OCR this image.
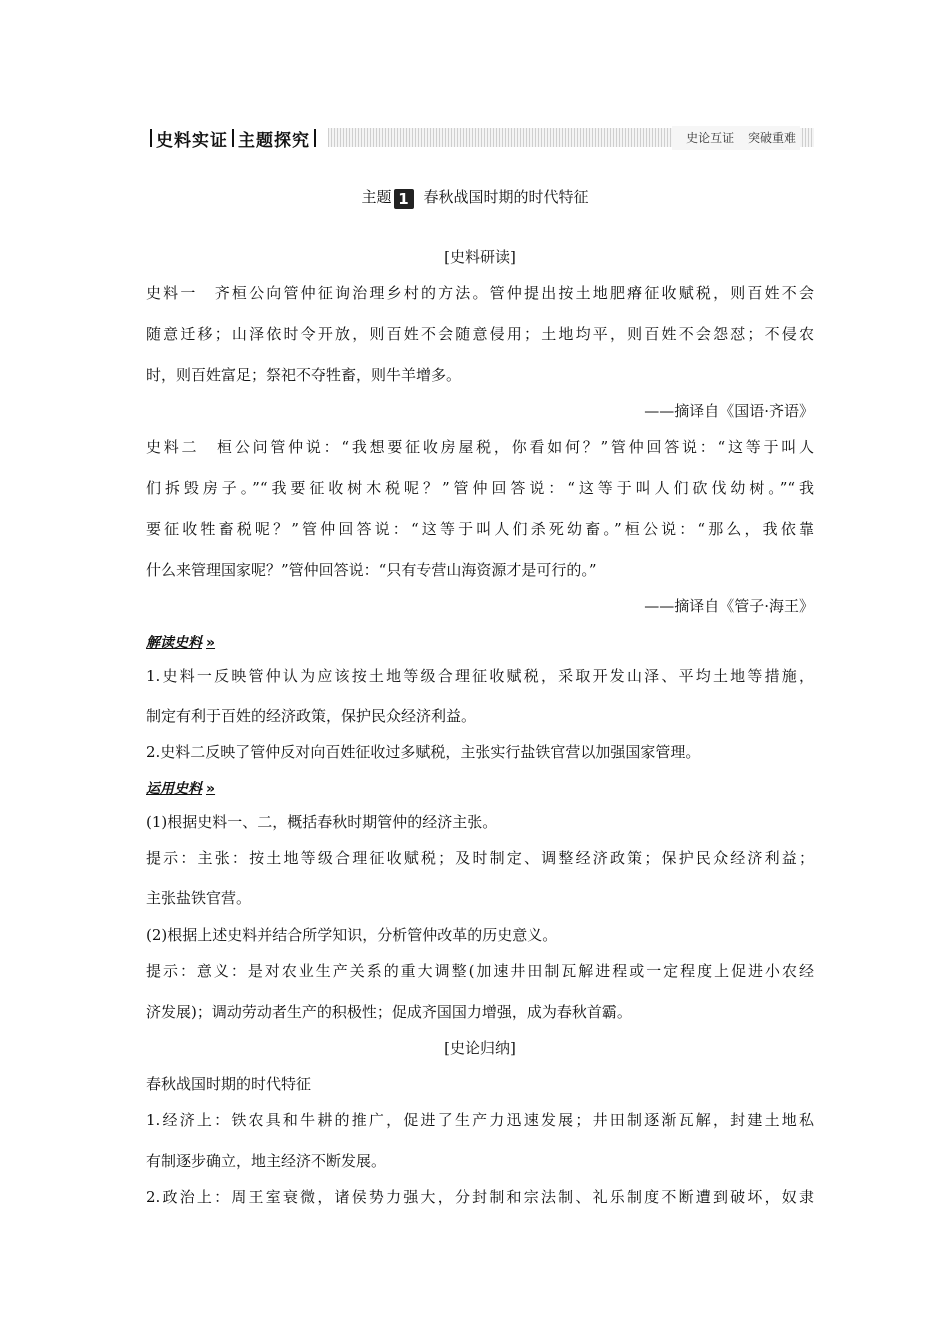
史料实证 主题探究	史论互证 突破重难
主题 1 春秋战国时期的时代特征
[史料研读]
史料一　齐桓公向管仲征询治理乡村的方法。管仲提出按土地肥瘠征收赋税，则百姓不会
随意迁移；山泽依时令开放，则百姓不会随意侵用；土地均平，则百姓不会怨怼；不侵农
时，则百姓富足；祭祀不夺牲畜，则牛羊增多。
——摘译自《国语·齐语》
史料二　桓公问管仲说：“我想要征收房屋税，你看如何？”管仲回答说：“这等于叫人
们拆毁房子。”“我要征收树木税呢？”管仲回答说：“这等于叫人们砍伐幼树。”“我
要征收牲畜税呢？”管仲回答说：“这等于叫人们杀死幼畜。”桓公说：“那么，我依靠
什么来管理国家呢？”管仲回答说：“只有专营山海资源才是可行的。”
——摘译自《管子·海王》
解读史料 »
1.史料一反映管仲认为应该按土地等级合理征收赋税，采取开发山泽、平均土地等措施，
制定有利于百姓的经济政策，保护民众经济利益。
2.史料二反映了管仲反对向百姓征收过多赋税，主张实行盐铁官营以加强国家管理。
运用史料 »
(1)根据史料一、二，概括春秋时期管仲的经济主张。
提示：主张：按土地等级合理征收赋税；及时制定、调整经济政策；保护民众经济利益；
主张盐铁官营。
(2)根据上述史料并结合所学知识，分析管仲改革的历史意义。
提示：意义：是对农业生产关系的重大调整(加速井田制瓦解进程或一定程度上促进小农经
济发展)；调动劳动者生产的积极性；促成齐国国力增强，成为春秋首霸。
[史论归纳]
春秋战国时期的时代特征
1.经济上：铁农具和牛耕的推广，促进了生产力迅速发展；井田制逐渐瓦解，封建土地私
有制逐步确立，地主经济不断发展。
2.政治上：周王室衰微，诸侯势力强大，分封制和宗法制、礼乐制度不断遭到破坏，奴隶
